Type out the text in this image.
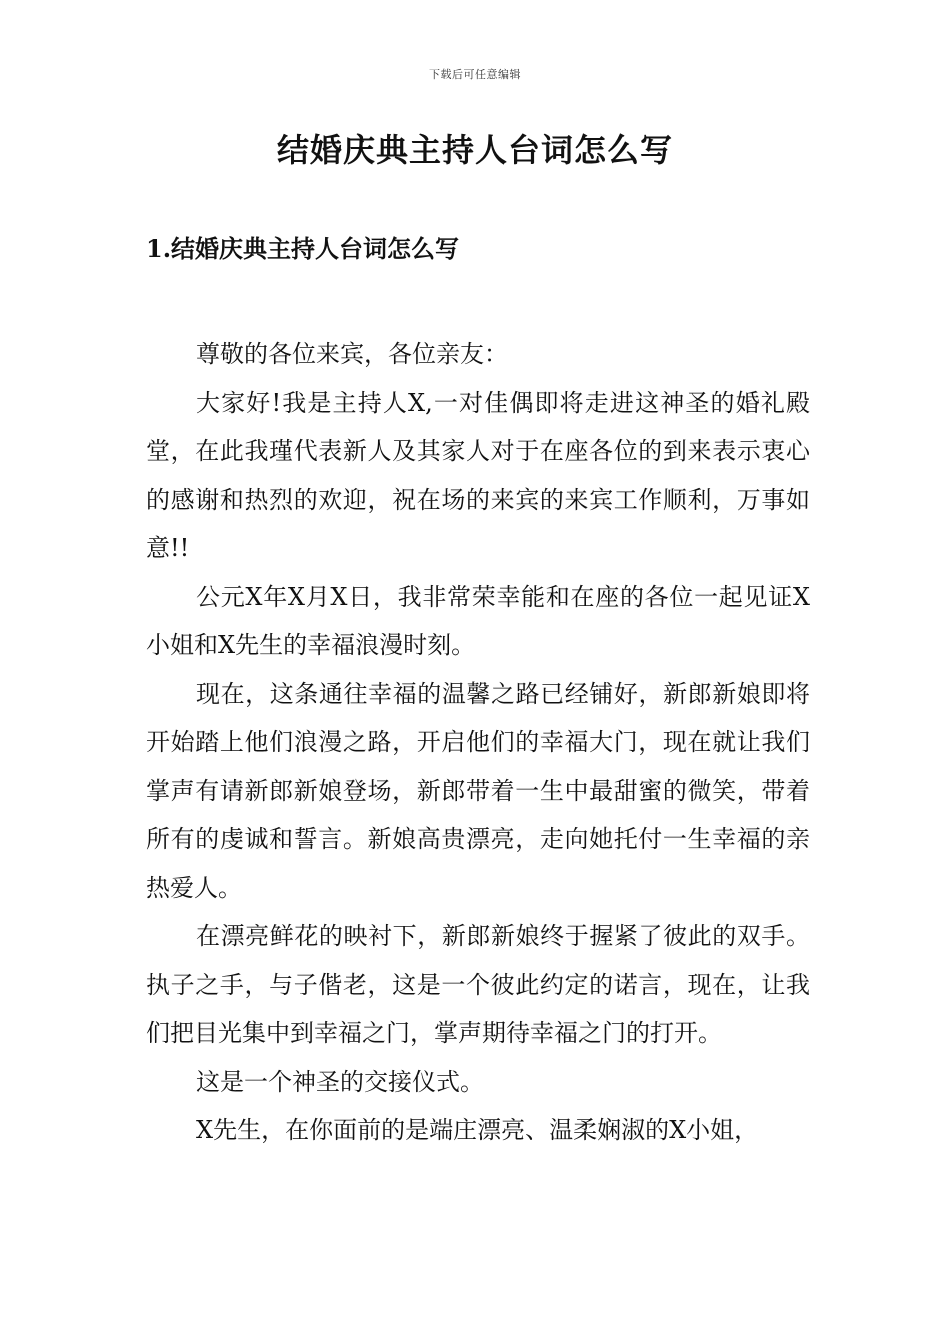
下载后可任意编辑
结婚庆典主持人台词怎么写
1.结婚庆典主持人台词怎么写

尊敬的各位来宾，各位亲友：

大家好!我是主持人X,一对佳偶即将走进这神圣的婚礼殿堂，在此我瑾代表新人及其家人对于在座各位的到来表示衷心的感谢和热烈的欢迎，祝在场的来宾的来宾工作顺利，万事如意!!

公元X年X月X日，我非常荣幸能和在座的各位一起见证X小姐和X先生的幸福浪漫时刻。

现在，这条通往幸福的温馨之路已经铺好，新郎新娘即将开始踏上他们浪漫之路，开启他们的幸福大门，现在就让我们掌声有请新郎新娘登场，新郎带着一生中最甜蜜的微笑，带着所有的虔诚和誓言。新娘高贵漂亮，走向她托付一生幸福的亲热爱人。

在漂亮鲜花的映衬下，新郎新娘终于握紧了彼此的双手。执子之手，与子偕老，这是一个彼此约定的诺言，现在，让我们把目光集中到幸福之门，掌声期待幸福之门的打开。

这是一个神圣的交接仪式。

X先生，在你面前的是端庄漂亮、温柔娴淑的X小姐，
